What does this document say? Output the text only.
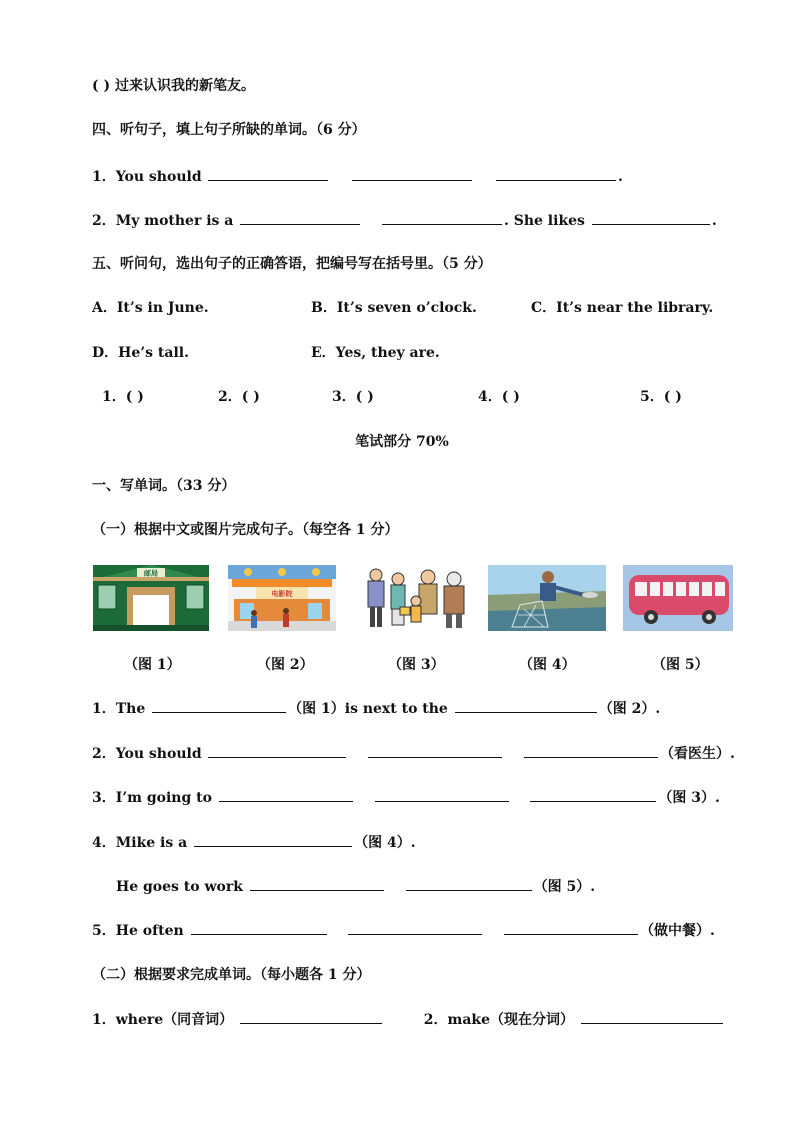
( ) 过来认识我的新笔友。
四、听句子，填上句子所缺的单词。（6 分）
1．You should	.
2．My mother is a	. She likes	.
五、听问句，选出句子的正确答语，把编号写在括号里。（5 分）
A．It’s in June.	B．It’s seven o’clock.	C．It’s near the library.
D．He’s tall.	E．Yes, they are.
1．( )	2．( )	3．( )	4．( )	5．( )
笔试部分 70%
一、写单词。（33 分）
（一）根据中文或图片完成句子。（每空各 1 分）
邮局
电影院
（图 1）	（图 2）	（图 3）	（图 4）	（图 5）
1．The	（图 1）is next to the	（图 2）.
2．You should	（看医生）.
3．I’m going to	（图 3）.
4．Mike is a	（图 4）.
He goes to work	（图 5）.
5．He often	（做中餐）.
（二）根据要求完成单词。（每小题各 1 分）
1．where（同音词）	2．make（现在分词）
